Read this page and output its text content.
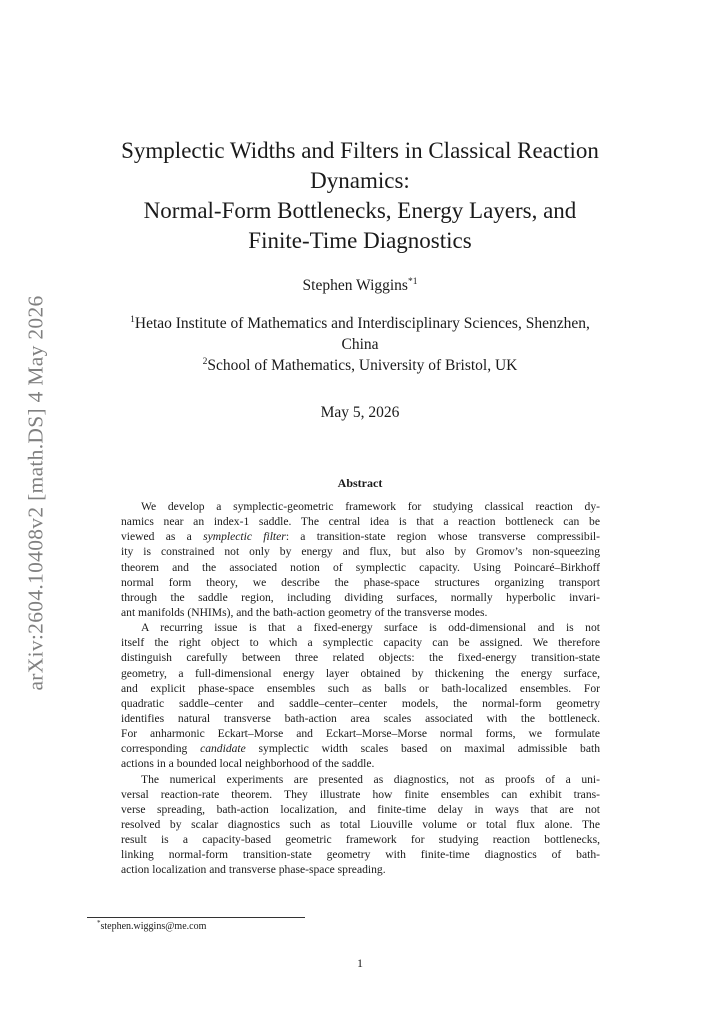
arXiv:2604.10408v2 [math.DS] 4 May 2026
Symplectic Widths and Filters in Classical Reaction
Dynamics:
Normal-Form Bottlenecks, Energy Layers, and
Finite-Time Diagnostics
Stephen Wiggins$^{*1}$
$^1$Hetao Institute of Mathematics and Interdisciplinary Sciences, Shenzhen,
China
$^2$School of Mathematics, University of Bristol, UK
May 5, 2026
Abstract

We develop a symplectic-geometric framework for studying classical reaction dy-
namics near an index-1 saddle. The central idea is that a reaction bottleneck can be
viewed as a symplectic filter: a transition-state region whose transverse compressibil-
ity is constrained not only by energy and flux, but also by Gromov’s non-squeezing
theorem and the associated notion of symplectic capacity. Using Poincaré–Birkhoff
normal form theory, we describe the phase-space structures organizing transport
through the saddle region, including dividing surfaces, normally hyperbolic invari-
ant manifolds (NHIMs), and the bath-action geometry of the transverse modes.

A recurring issue is that a fixed-energy surface is odd-dimensional and is not
itself the right object to which a symplectic capacity can be assigned. We therefore
distinguish carefully between three related objects: the fixed-energy transition-state
geometry, a full-dimensional energy layer obtained by thickening the energy surface,
and explicit phase-space ensembles such as balls or bath-localized ensembles. For
quadratic saddle–center and saddle–center–center models, the normal-form geometry
identifies natural transverse bath-action area scales associated with the bottleneck.
For anharmonic Eckart–Morse and Eckart–Morse–Morse normal forms, we formulate
corresponding candidate symplectic width scales based on maximal admissible bath
actions in a bounded local neighborhood of the saddle.

The numerical experiments are presented as diagnostics, not as proofs of a uni-
versal reaction-rate theorem. They illustrate how finite ensembles can exhibit trans-
verse spreading, bath-action localization, and finite-time delay in ways that are not
resolved by scalar diagnostics such as total Liouville volume or total flux alone. The
result is a capacity-based geometric framework for studying reaction bottlenecks,
linking normal-form transition-state geometry with finite-time diagnostics of bath-
action localization and transverse phase-space spreading.

*stephen.wiggins@me.com
1
